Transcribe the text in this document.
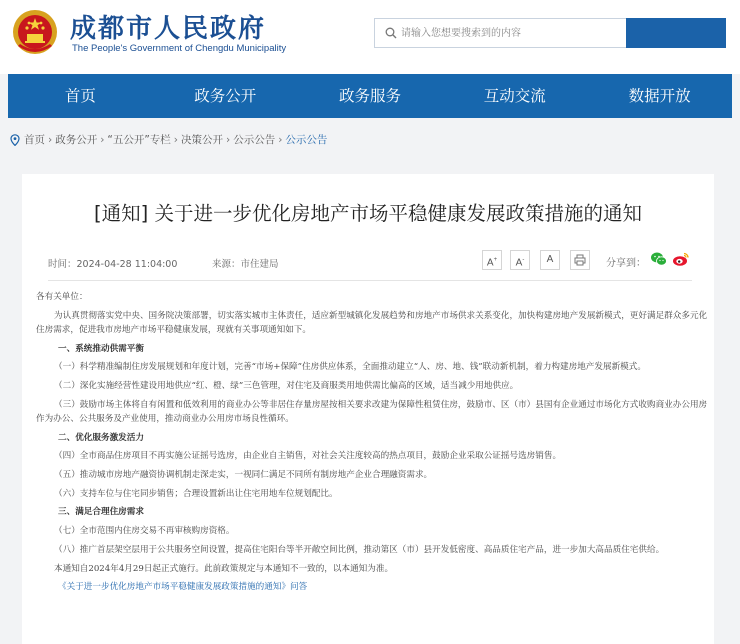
成都市人民政府
The People's Government of Chengdu Municipality
请输入您想要搜索到的内容
首页	政务公开	政务服务	互动交流	数据开放
首页 › 政务公开 › “五公开”专栏 › 决策公开 › 公示公告 › 公示公告
[通知] 关于进一步优化房地产市场平稳健康发展政策措施的通知
时间：2024-04-28 11:04:00	来源：市住建局	A+	A-	A	分享到：

各有关单位：

为认真贯彻落实党中央、国务院决策部署，切实落实城市主体责任，适应新型城镇化发展趋势和房地产市场供求关系变化，加快构建房地产发展新模式，更好满足群众多元化住房需求，促进我市房地产市场平稳健康发展，现就有关事项通知如下。

一、系统推动供需平衡

（一）科学精准编制住房发展规划和年度计划，完善“市场+保障”住房供应体系，全面推动建立“人、房、地、钱”联动新机制，着力构建房地产发展新模式。

（二）深化实施经营性建设用地供应“红、橙、绿”三色管理，对住宅及商服类用地供需比偏高的区域，适当减少用地供应。

（三）鼓励市场主体将自有闲置和低效利用的商业办公等非居住存量房屋按相关要求改建为保障性租赁住房，鼓励市、区（市）县国有企业通过市场化方式收购商业办公用房作为办公、公共服务及产业使用，推动商业办公用房市场良性循环。

二、优化服务激发活力

（四）全市商品住房项目不再实施公证摇号选房，由企业自主销售，对社会关注度较高的热点项目，鼓励企业采取公证摇号选房销售。

（五）推动城市房地产融资协调机制走深走实，一视同仁满足不同所有制房地产企业合理融资需求。

（六）支持车位与住宅同步销售；合理设置新出让住宅用地车位规划配比。

三、满足合理住房需求

（七）全市范围内住房交易不再审核购房资格。

（八）推广首层架空层用于公共服务空间设置，提高住宅阳台等半开敞空间比例，推动第区（市）县开发低密度、高品质住宅产品，进一步加大高品质住宅供给。

本通知自2024年4月29日起正式施行。此前政策规定与本通知不一致的，以本通知为准。

《关于进一步优化房地产市场平稳健康发展政策措施的通知》问答
